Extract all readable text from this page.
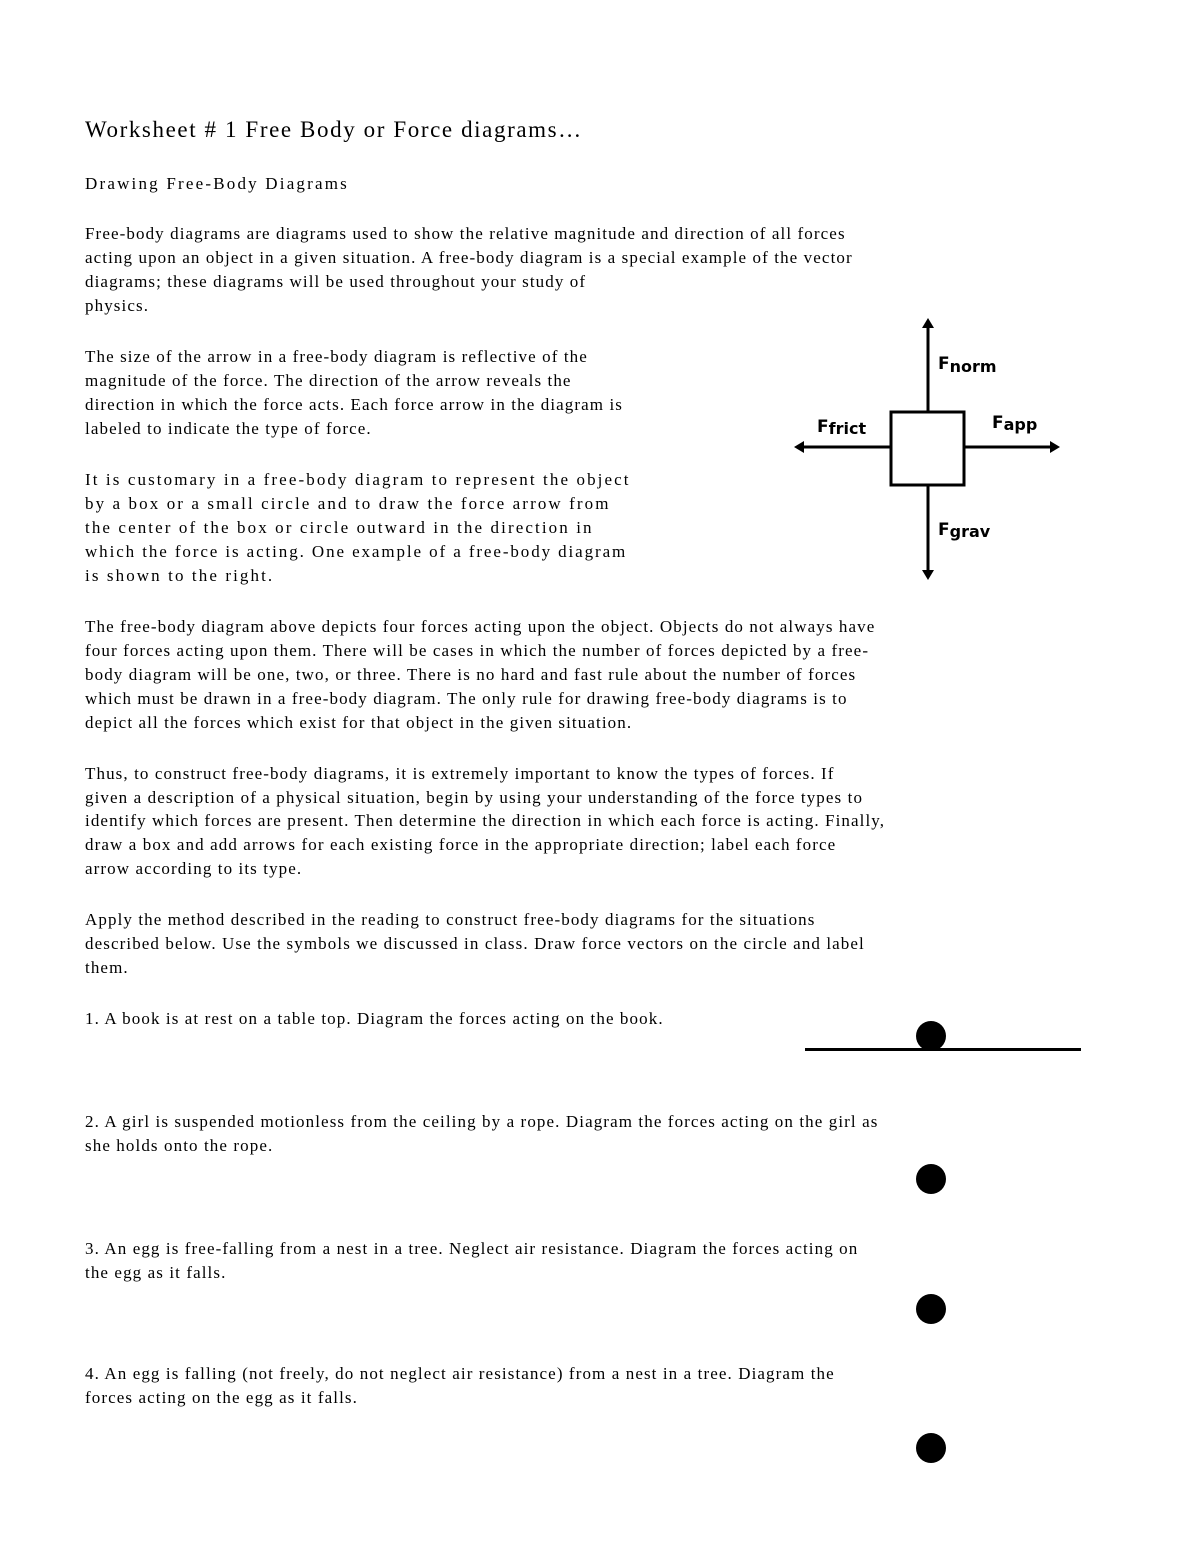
Worksheet # 1 Free Body or Force diagrams…

Drawing Free-Body Diagrams

Free-body diagrams are diagrams used to show the relative magnitude and direction of all forces

acting upon an object in a given situation. A free-body diagram is a special example of the vector

diagrams; these diagrams will be used throughout your study of

physics.

The size of the arrow in a free-body diagram is reflective of the

magnitude of the force. The direction of the arrow reveals the

direction in which the force acts. Each force arrow in the diagram is

labeled to indicate the type of force.

It is customary in a free-body diagram to represent the object

by a box or a small circle and to draw the force arrow from

the center of the box or circle outward in the direction in

which the force is acting. One example of a free-body diagram

is shown to the right.

Fnorm
Ffrict	Fapp
Fgrav

The free-body diagram above depicts four forces acting upon the object. Objects do not always have

four forces acting upon them. There will be cases in which the number of forces depicted by a free-

body diagram will be one, two, or three. There is no hard and fast rule about the number of forces

which must be drawn in a free-body diagram. The only rule for drawing free-body diagrams is to

depict all the forces which exist for that object in the given situation.

Thus, to construct free-body diagrams, it is extremely important to know the types of forces. If

given a description of a physical situation, begin by using your understanding of the force types to

identify which forces are present. Then determine the direction in which each force is acting. Finally,

draw a box and add arrows for each existing force in the appropriate direction; label each force

arrow according to its type.

Apply the method described in the reading to construct free-body diagrams for the situations

described below. Use the symbols we discussed in class. Draw force vectors on the circle and label

them.

1. A book is at rest on a table top. Diagram the forces acting on the book.

2. A girl is suspended motionless from the ceiling by a rope. Diagram the forces acting on the girl as

she holds onto the rope.

3. An egg is free-falling from a nest in a tree. Neglect air resistance. Diagram the forces acting on

the egg as it falls.

4. An egg is falling (not freely, do not neglect air resistance) from a nest in a tree. Diagram the

forces acting on the egg as it falls.
